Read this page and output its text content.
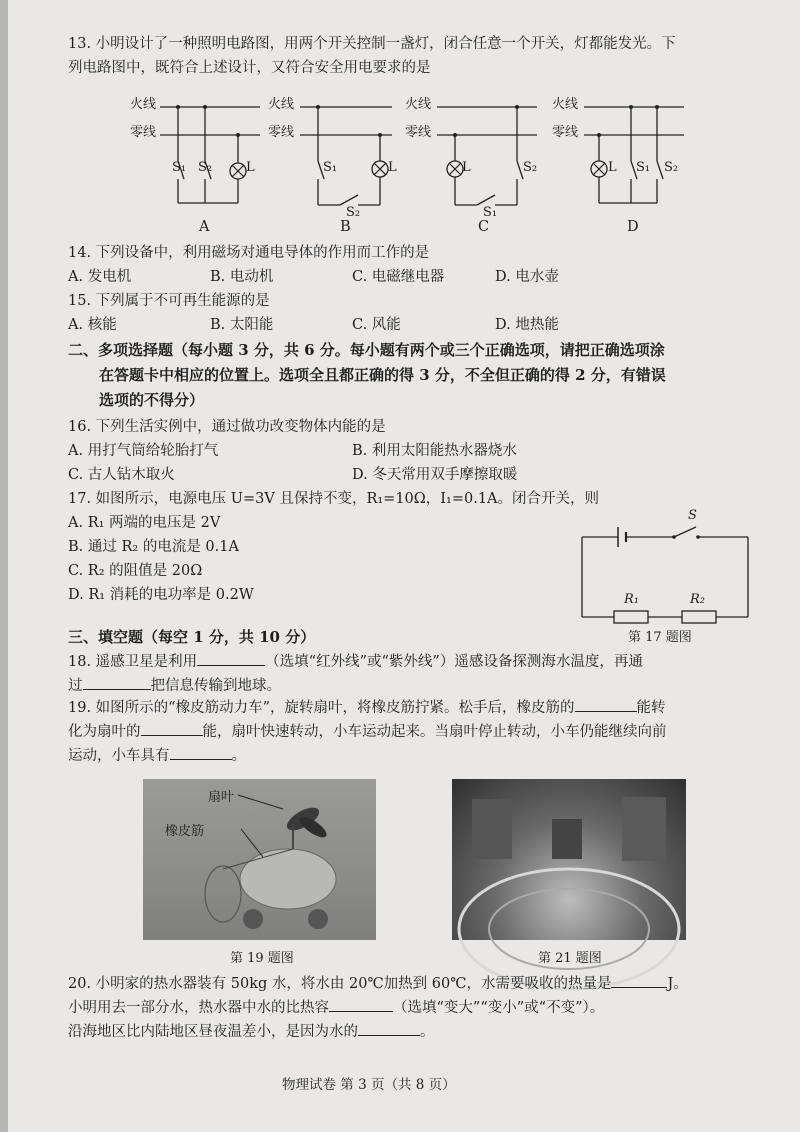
13. 小明设计了一种照明电路图，用两个开关控制一盏灯，闭合任意一个开关，灯都能发光。下
列电路图中，既符合上述设计，又符合安全用电要求的是
火线
零线
S₁ S₂	L
A
火线
零线
S₁	L
S₂
B
火线
零线
L	S₂
S₁
C
火线
零线
L S₁ S₂
D
14. 下列设备中，利用磁场对通电导体的作用而工作的是
A. 发电机	B. 电动机	C. 电磁继电器	D. 电水壶
15. 下列属于不可再生能源的是
A. 核能	B. 太阳能	C. 风能	D. 地热能
二、多项选择题（每小题 3 分，共 6 分。每小题有两个或三个正确选项，请把正确选项涂
在答题卡中相应的位置上。选项全且都正确的得 3 分，不全但正确的得 2 分，有错误
选项的不得分）
16. 下列生活实例中，通过做功改变物体内能的是
A. 用打气筒给轮胎打气	B. 利用太阳能热水器烧水
C. 古人钻木取火	D. 冬天常用双手摩擦取暖
17. 如图所示，电源电压 U=3V 且保持不变，R₁=10Ω，I₁=0.1A。闭合开关，则
A. R₁ 两端的电压是 2V
B. 通过 R₂ 的电流是 0.1A
C. R₂ 的阻值是 20Ω
D. R₁ 消耗的电功率是 0.2W
S
R₁	R₂
第 17 题图
三、填空题（每空 1 分，共 10 分）
18. 遥感卫星是利用	（选填“红外线”或“紫外线”）遥感设备探测海水温度，再通
过	把信息传输到地球。
19. 如图所示的“橡皮筋动力车”，旋转扇叶，将橡皮筋拧紧。松手后，橡皮筋的	能转
化为扇叶的	能，扇叶快速转动，小车运动起来。当扇叶停止转动，小车仍能继续向前
运动，小车具有	。
扇叶
橡皮筋
第 19 题图	第 21 题图
20. 小明家的热水器装有 50kg 水，将水由 20℃加热到 60℃，水需要吸收的热量是	J。
小明用去一部分水，热水器中水的比热容	（选填“变大”“变小”或“不变”）。
沿海地区比内陆地区昼夜温差小，是因为水的	。
物理试卷 第 3 页（共 8 页）
